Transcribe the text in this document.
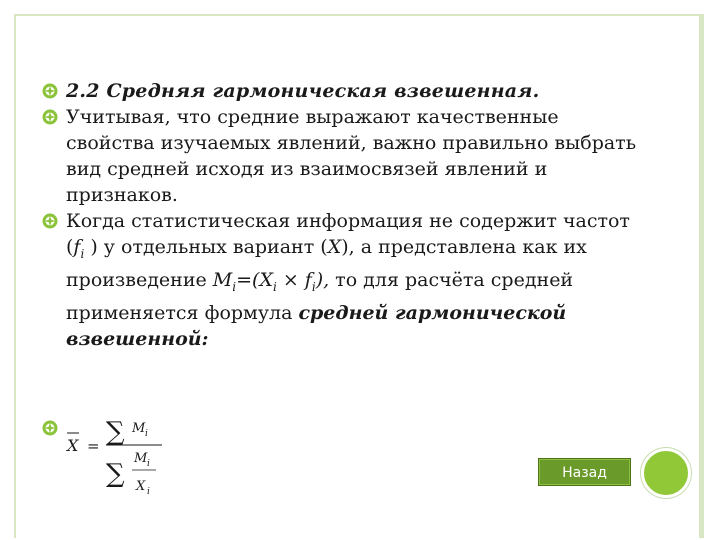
2.2 Средняя гармоническая взвешенная.

Учитывая, что средние выражают качественные свойства изучаемых явлений, важно правильно выбрать вид средней исходя из взаимосвязей явлений и признаков.

Когда статистическая информация не содержит частот ($f_i$ ) у отдельных вариант (X), а представлена как их произведение $M_i=(X_i \times f_i)$, то для расчёта средней применяется формула средней гармонической взвешенной:

X = ∑ M i
∑
M i
X i
Назад
